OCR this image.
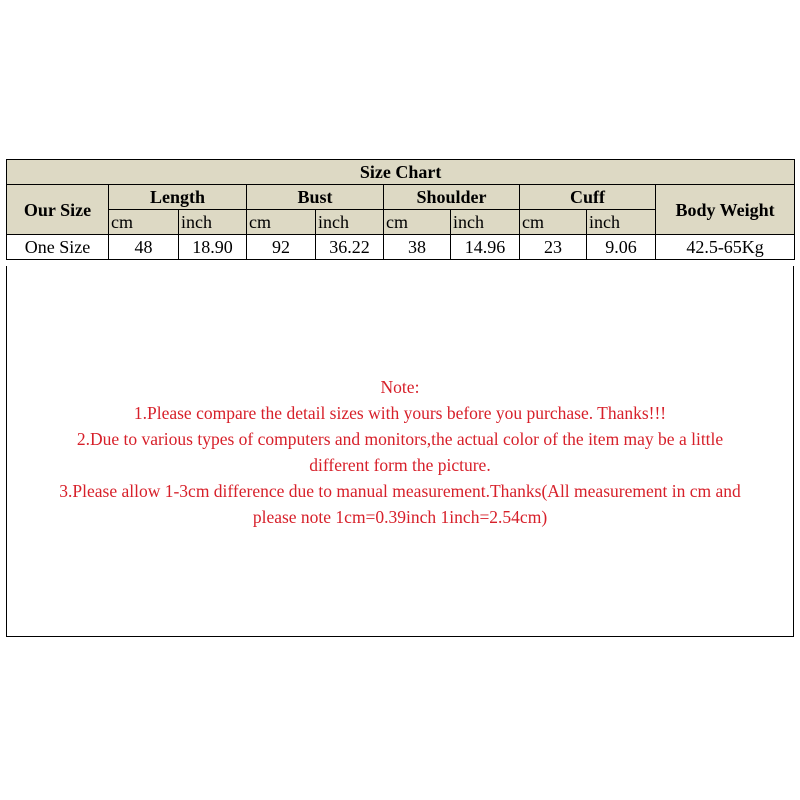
Size Chart									
Our Size	Length		Bust		Shoulder		Cuff		Body Weight
	cm	inch	cm	inch	cm	inch	cm	inch	
One Size	48	18.90	92	36.22	38	14.96	23	9.06	42.5-65Kg
Note:
1.Please compare the detail sizes with yours before you purchase. Thanks!!!
2.Due to various types of computers and monitors,the actual color of the item may be a little
different form the picture.
3.Please allow 1-3cm difference due to manual measurement.Thanks(All measurement in cm and
please note 1cm=0.39inch 1inch=2.54cm)
